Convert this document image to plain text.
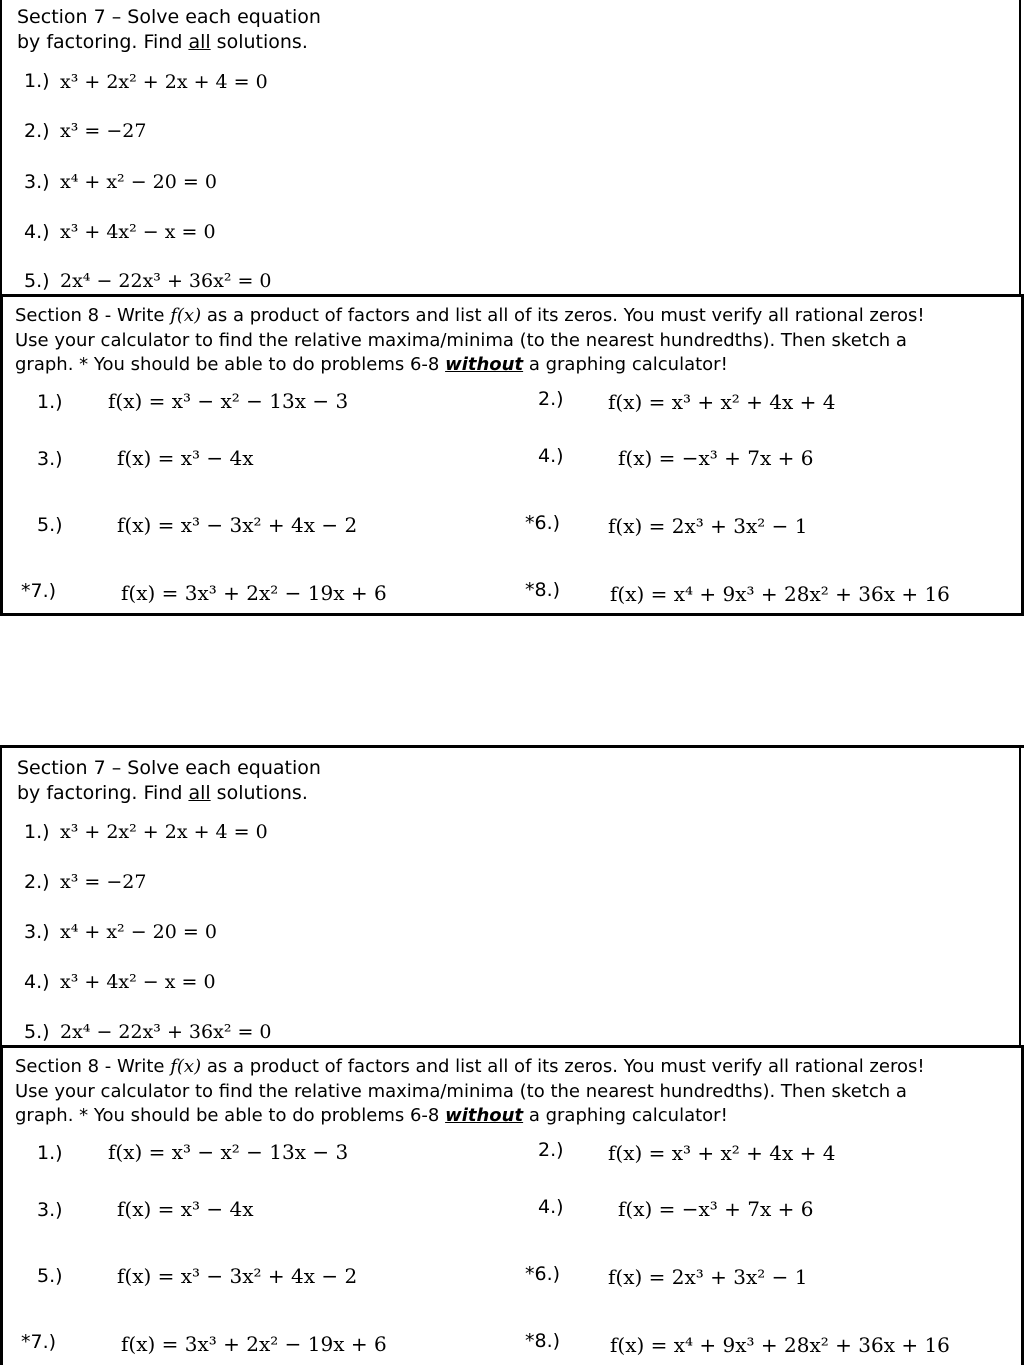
Section 7 – Solve each equation
by factoring. Find all solutions.
1.) x³ + 2x² + 2x + 4 = 0
2.) x³ = −27
3.) x⁴ + x² − 20 = 0
4.) x³ + 4x² − x = 0
5.) 2x⁴ − 22x³ + 36x² = 0
Section 8 - Write f(x) as a product of factors and list all of its zeros. You must verify all rational zeros!
Use your calculator to find the relative maxima/minima (to the nearest hundredths). Then sketch a
graph. * You should be able to do problems 6-8 without a graphing calculator!
1.) f(x) = x³ − x² − 13x − 3	2.) f(x) = x³ + x² + 4x + 4
3.)	f(x) = x³ − 4x	4.)	f(x) = −x³ + 7x + 6
5.)	f(x) = x³ − 3x² + 4x − 2	*6.) f(x) = 2x³ + 3x² − 1
*7.)	f(x) = 3x³ + 2x² − 19x + 6	*8.) f(x) = x⁴ + 9x³ + 28x² + 36x + 16
Section 7 – Solve each equation
by factoring. Find all solutions.
1.) x³ + 2x² + 2x + 4 = 0
2.) x³ = −27
3.) x⁴ + x² − 20 = 0
4.) x³ + 4x² − x = 0
5.) 2x⁴ − 22x³ + 36x² = 0
Section 8 - Write f(x) as a product of factors and list all of its zeros. You must verify all rational zeros!
Use your calculator to find the relative maxima/minima (to the nearest hundredths). Then sketch a
graph. * You should be able to do problems 6-8 without a graphing calculator!
1.) f(x) = x³ − x² − 13x − 3	2.) f(x) = x³ + x² + 4x + 4
3.)	f(x) = x³ − 4x	4.)	f(x) = −x³ + 7x + 6
5.)	f(x) = x³ − 3x² + 4x − 2	*6.) f(x) = 2x³ + 3x² − 1
*7.)	f(x) = 3x³ + 2x² − 19x + 6	*8.) f(x) = x⁴ + 9x³ + 28x² + 36x + 16
